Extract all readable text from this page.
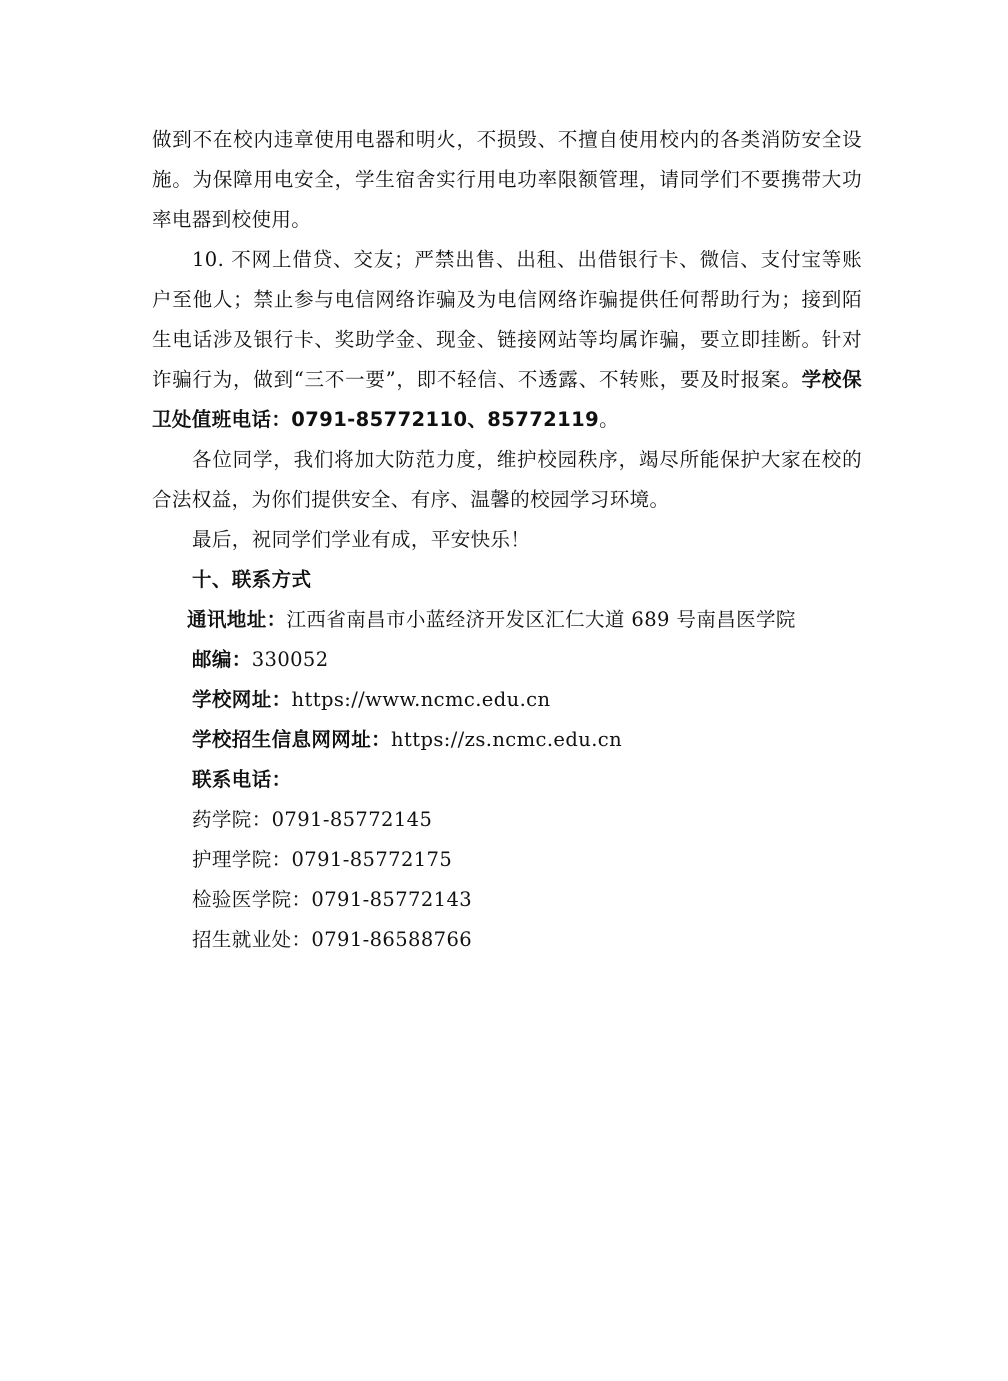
做到不在校内违章使用电器和明火，不损毁、不擅自使用校内的各类消防安全设施。为保障用电安全，学生宿舍实行用电功率限额管理，请同学们不要携带大功率电器到校使用。

10. 不网上借贷、交友；严禁出售、出租、出借银行卡、微信、支付宝等账户至他人；禁止参与电信网络诈骗及为电信网络诈骗提供任何帮助行为；接到陌生电话涉及银行卡、奖助学金、现金、链接网站等均属诈骗，要立即挂断。针对诈骗行为，做到“三不一要”，即不轻信、不透露、不转账，要及时报案。学校保卫处值班电话：0791-85772110、85772119。

各位同学，我们将加大防范力度，维护校园秩序，竭尽所能保护大家在校的合法权益，为你们提供安全、有序、温馨的校园学习环境。

最后，祝同学们学业有成，平安快乐！

十、联系方式
通讯地址：江西省南昌市小蓝经济开发区汇仁大道 689 号南昌医学院
邮编：330052
学校网址：https://www.ncmc.edu.cn
学校招生信息网网址：https://zs.ncmc.edu.cn
联系电话：
药学院：0791-85772145
护理学院：0791-85772175
检验医学院：0791-85772143
招生就业处：0791-86588766
